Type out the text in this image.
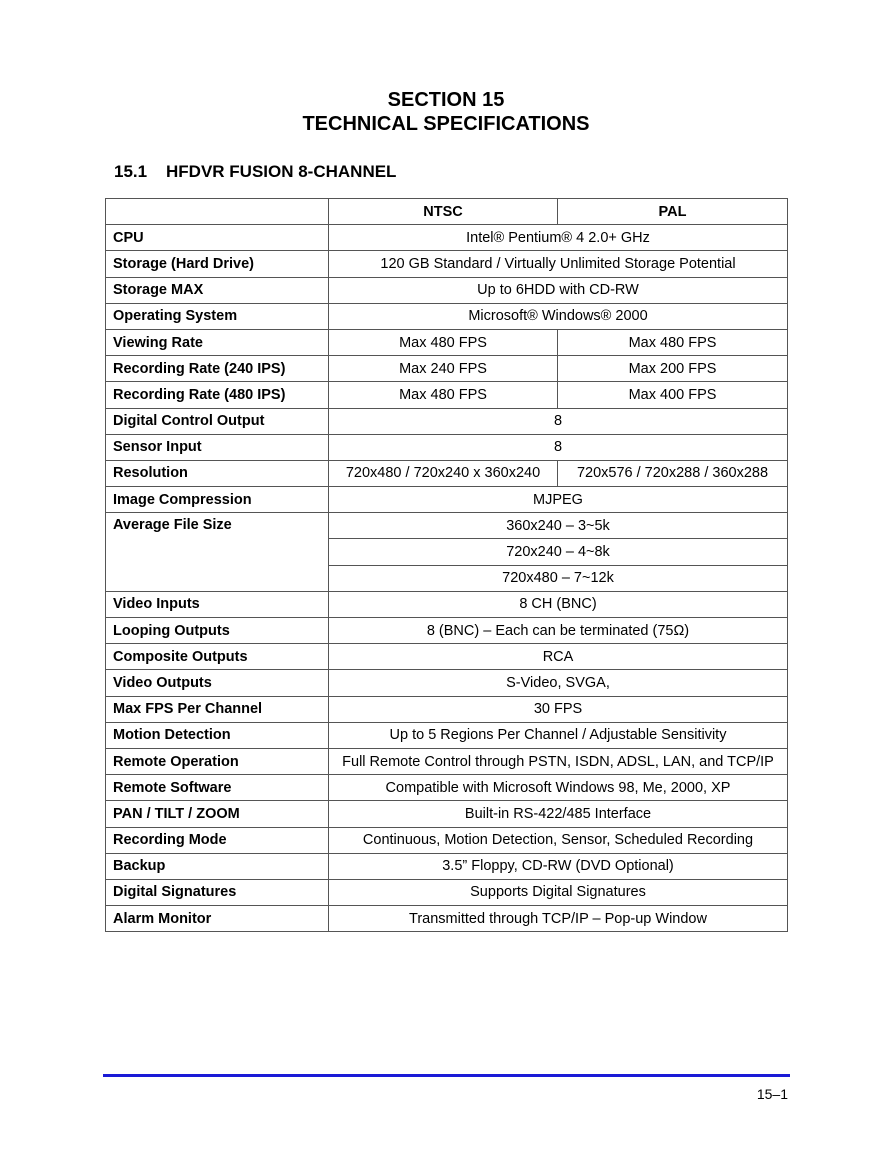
SECTION 15
TECHNICAL SPECIFICATIONS
15.1 HFDVR FUSION 8-CHANNEL
	NTSC	PAL
CPU	Intel® Pentium® 4 2.0+ GHz	
Storage (Hard Drive)	120 GB Standard / Virtually Unlimited Storage Potential	
Storage MAX	Up to 6HDD with CD-RW	
Operating System	Microsoft® Windows® 2000	
Viewing Rate	Max 480 FPS	Max 480 FPS
Recording Rate (240 IPS)	Max 240 FPS	Max 200 FPS
Recording Rate (480 IPS)	Max 480 FPS	Max 400 FPS
Digital Control Output	8	
Sensor Input	8	
Resolution	720x480 / 720x240 x 360x240	720x576 / 720x288 / 360x288
Image Compression	MJPEG	
Average File Size	360x240 – 3~5k	
	720x240 – 4~8k	
	720x480 – 7~12k	
Video Inputs	8 CH (BNC)	
Looping Outputs	8 (BNC) – Each can be terminated (75Ω)	
Composite Outputs	RCA	
Video Outputs	S-Video, SVGA,	
Max FPS Per Channel	30 FPS	
Motion Detection	Up to 5 Regions Per Channel / Adjustable Sensitivity	
Remote Operation	Full Remote Control through PSTN, ISDN, ADSL, LAN, and TCP/IP	
Remote Software	Compatible with Microsoft Windows 98, Me, 2000, XP	
PAN / TILT / ZOOM	Built-in RS-422/485 Interface	
Recording Mode	Continuous, Motion Detection, Sensor, Scheduled Recording	
Backup	3.5” Floppy, CD-RW (DVD Optional)	
Digital Signatures	Supports Digital Signatures	
Alarm Monitor	Transmitted through TCP/IP – Pop-up Window	
15–1
